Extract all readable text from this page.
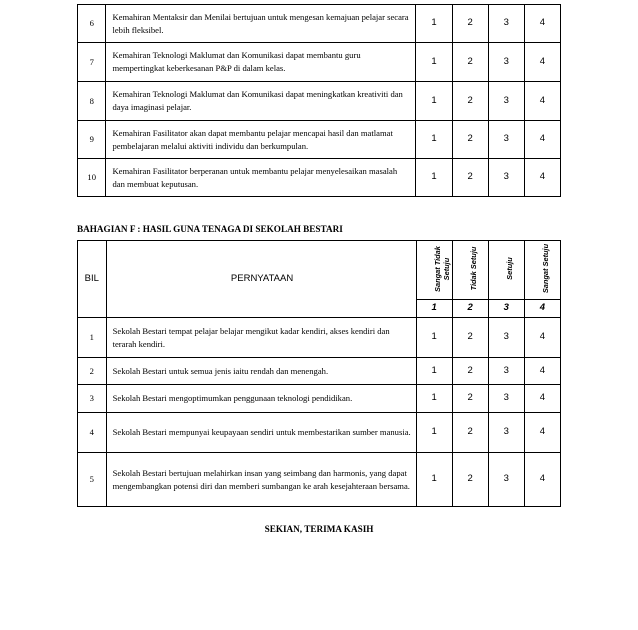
6	Kemahiran Mentaksir dan Menilai bertujuan untuk mengesan kemajuan pelajar secara lebih fleksibel.	1	2	3	4
7	Kemahiran Teknologi Maklumat dan Komunikasi dapat membantu guru mempertingkat keberkesanan P&P di dalam kelas.	1	2	3	4
8	Kemahiran Teknologi Maklumat dan Komunikasi dapat meningkatkan kreativiti dan daya imaginasi pelajar.	1	2	3	4
9	Kemahiran Fasilitator akan dapat membantu pelajar mencapai hasil dan matlamat pembelajaran melalui aktiviti individu dan berkumpulan.	1	2	3	4
10	Kemahiran Fasilitator berperanan untuk membantu pelajar menyelesaikan masalah dan membuat keputusan.	1	2	3	4

BAHAGIAN F : HASIL GUNA TENAGA DI SEKOLAH BESTARI

BIL	PERNYATAAN	Sangat Tidak Setuju	Tidak Setuju	Setuju	Sangat Setuju

		1	2	3	4
1	Sekolah Bestari tempat pelajar belajar mengikut kadar kendiri, akses kendiri dan terarah kendiri.	1	2	3	4
2	Sekolah Bestari untuk semua jenis iaitu rendah dan menengah.	1	2	3	4
3	Sekolah Bestari mengoptimumkan penggunaan teknologi pendidikan.	1	2	3	4
4	Sekolah Bestari mempunyai keupayaan sendiri untuk membestarikan sumber manusia.	1	2	3	4
5	Sekolah Bestari bertujuan melahirkan insan yang seimbang dan harmonis, yang dapat mengembangkan potensi diri dan memberi sumbangan ke arah kesejahteraan bersama.	1	2	3	4

SEKIAN, TERIMA KASIH
